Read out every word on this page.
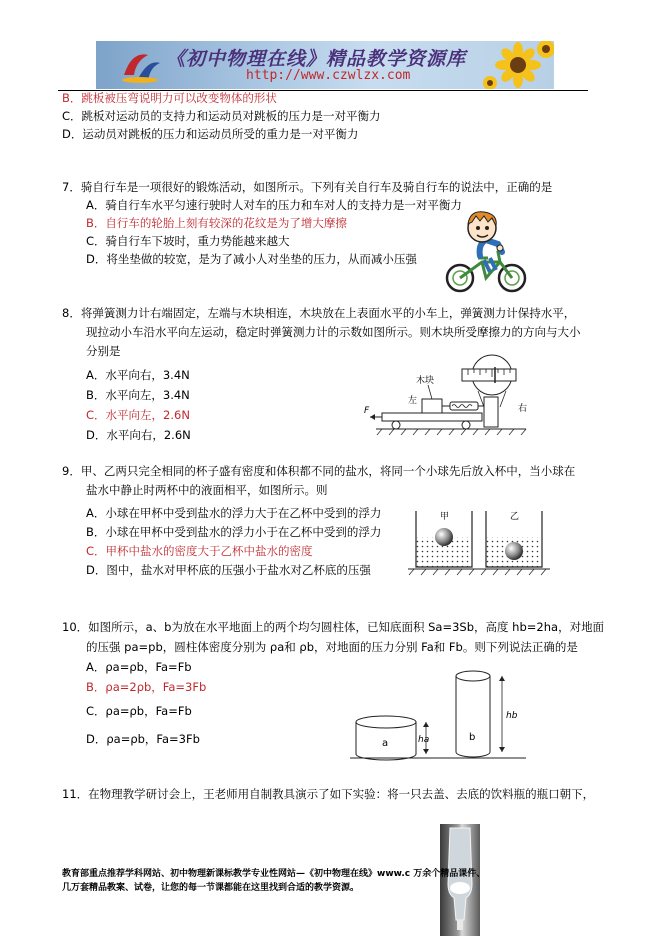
《初中物理在线》精品教学资源库
http://www.czwlzx.com
B．跳板被压弯说明力可以改变物体的形状
C．跳板对运动员的支持力和运动员对跳板的压力是一对平衡力
D．运动员对跳板的压力和运动员所受的重力是一对平衡力
7．骑自行车是一项很好的锻炼活动，如图所示。下列有关自行车及骑自行车的说法中，正确的是
A．骑自行车水平匀速行驶时人对车的压力和车对人的支持力是一对平衡力
B．自行车的轮胎上刻有较深的花纹是为了增大摩擦
C．骑自行车下坡时，重力势能越来越大
D．将坐垫做的较宽，是为了减小人对坐垫的压力，从而减小压强
8．将弹簧测力计右端固定，左端与木块相连，木块放在上表面水平的小车上，弹簧测力计保持水平，
现拉动小车沿水平向左运动，稳定时弹簧测力计的示数如图所示。则木块所受摩擦力的方向与大小
分别是
A．水平向右，3.4N
B．水平向左，3.4N
C．水平向左，2.6N
D．水平向右，2.6N
木块
左
右
F
9．甲、乙两只完全相同的杯子盛有密度和体积都不同的盐水，将同一个小球先后放入杯中，当小球在
盐水中静止时两杯中的液面相平，如图所示。则
A．小球在甲杯中受到盐水的浮力大于在乙杯中受到的浮力
B．小球在甲杯中受到盐水的浮力小于在乙杯中受到的浮力
C．甲杯中盐水的密度大于乙杯中盐水的密度
D．图中，盐水对甲杯底的压强小于盐水对乙杯底的压强
甲	乙
10．如图所示，a、b为放在水平地面上的两个均匀圆柱体，已知底面积 Sa=3Sb，高度 hb=2ha，对地面
的压强 pa=pb，圆柱体密度分别为 ρa和 ρb，对地面的压力分别 Fa和 Fb。则下列说法正确的是
A．ρa=ρb，Fa=Fb
B．ρa=2ρb，Fa=3Fb
C．ρa=ρb，Fa=Fb
D．ρa=ρb，Fa=3Fb	a	ha	b
hb
11．在物理教学研讨会上，王老师用自制教具演示了如下实验：将一只去盖、去底的饮料瓶的瓶口朝下，
教育部重点推荐学科网站、初中物理新课标教学专业性网站—《初中物理在线》www.c 万余个精品课件、
几万套精品教案、试卷，让您的每一节课都能在这里找到合适的教学资源。
